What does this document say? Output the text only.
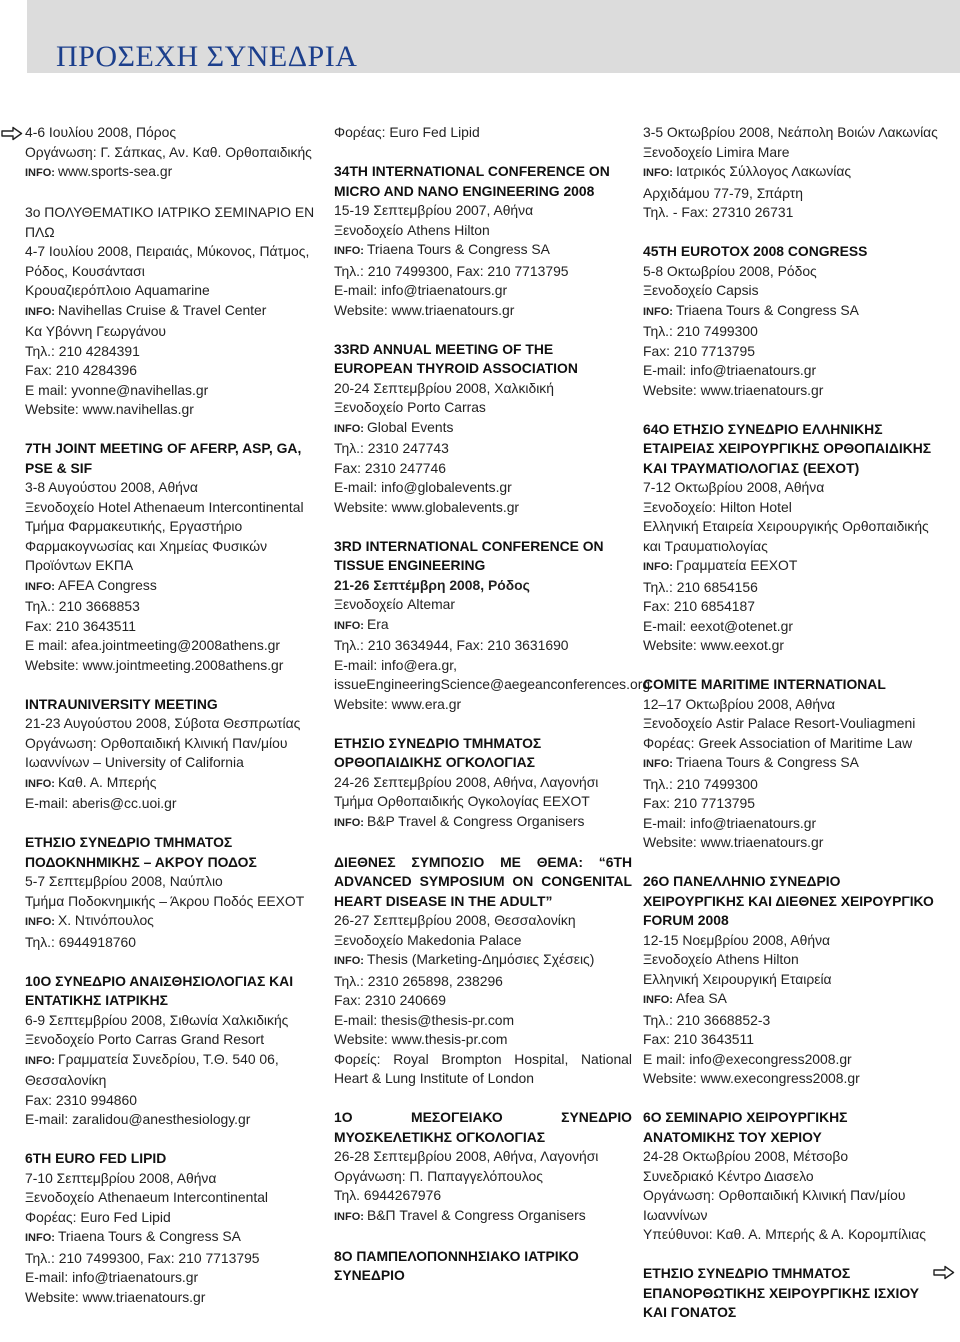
ΠΡΟΣΕΧΗ ΣΥΝΕΔΡΙΑ
4-6 Ιουλίου 2008, Πόρος
Οργάνωση: Γ. Σάπκας, Αν. Καθ. Ορθοπαιδικής
INFO: www.sports-sea.gr
3ο ΠΟΛΥΘΕΜΑΤΙΚΟ ΙΑΤΡΙΚΟ ΣΕΜΙΝΑΡΙΟ ΕΝ ΠΛΩ
4-7 Ιουλίου 2008, Πειραιάς, Μύκονος, Πάτμος, Ρόδος, Κουσάντασι
Κρουαζιερόπλοιο Aquamarine
INFO: Navihellas Cruise & Travel Center
Κα Υβόννη Γεωργάνου
Τηλ.: 210 4284391
Fax: 210 4284396
E mail: yvonne@navihellas.gr
Website: www.navihellas.gr
7TH JOINT MEETING OF AFERP, ASP, GA, PSE & SIF
3-8 Αυγούστου 2008, Αθήνα
Ξενοδοχείο Hotel Athenaeum Intercontinental
Τμήμα Φαρμακευτικής, Εργαστήριο Φαρμακογνωσίας και Χημείας Φυσικών Προϊόντων ΕΚΠΑ
INFO: AFEA Congress
Τηλ.: 210 3668853
Fax: 210 3643511
E mail: afea.jointmeeting@2008athens.gr
Website: www.jointmeeting.2008athens.gr
INTRAUNIVERSITY MEETING
21-23 Αυγούστου 2008, Σύβοτα Θεσπρωτίας
Οργάνωση: Ορθοπαιδική Κλινική Παν/μίου Ιωαννίνων – University of California
INFO: Καθ. Α. Μπερής
E-mail: aberis@cc.uoi.gr
ΕΤΗΣΙΟ ΣΥΝΕΔΡΙΟ ΤΜΗΜΑΤΟΣ ΠΟΔΟΚΝΗΜΙΚΗΣ – ΑΚΡΟΥ ΠΟΔΟΣ
5-7 Σεπτεμβρίου 2008, Ναύπλιο
Τμήμα Ποδοκνημικής – Άκρου Ποδός ΕΕΧΟΤ
INFO: Χ. Ντινόπουλος
Τηλ.: 6944918760
10Ο ΣΥΝΕΔΡΙΟ ΑΝΑΙΣΘΗΣΙΟΛΟΓΙΑΣ ΚΑΙ ΕΝΤΑΤΙΚΗΣ ΙΑΤΡΙΚΗΣ
6-9 Σεπτεμβρίου 2008, Σιθωνία Χαλκιδικής
Ξενοδοχείο Porto Carras Grand Resort
INFO: Γραμματεία Συνεδρίου, Τ.Θ. 540 06, Θεσσαλονίκη
Fax: 2310 994860
E-mail: zaralidou@anesthesiology.gr
6TH EURO FED LIPID
7-10 Σεπτεμβρίου 2008, Αθήνα
Ξενοδοχείο Athenaeum Intercontinental
Φορέας: Euro Fed Lipid
INFO: Triaena Tours & Congress SA
Τηλ.: 210 7499300, Fax: 210 7713795
E-mail: info@triaenatours.gr
Website: www.triaenatours.gr
Φορέας: Euro Fed Lipid
34TH INTERNATIONAL CONFERENCE ON MICRO AND NANO ENGINEERING 2008
15-19 Σεπτεμβρίου 2007, Αθήνα
Ξενοδοχείο Athens Hilton
INFO: Triaena Tours & Congress SA
Τηλ.: 210 7499300, Fax: 210 7713795
E-mail: info@triaenatours.gr
Website: www.triaenatours.gr
33RD ANNUAL MEETING OF THE EUROPEAN THYROID ASSOCIATION
20-24 Σεπτεμβρίου 2008, Χαλκιδική
Ξενοδοχείο Porto Carras
INFO: Global Events
Τηλ.: 2310 247743
Fax: 2310 247746
E-mail: info@globalevents.gr
Website: www.globalevents.gr
3RD INTERNATIONAL CONFERENCE ON TISSUE ENGINEERING
21-26 Σεπτέμβρη 2008, Ρόδος
Ξενοδοχείο Altemar
INFO: Era
Τηλ.: 210 3634944, Fax: 210 3631690
E-mail: info@era.gr, issueEngineeringScience@aegeanconferences.org
Website: www.era.gr
ΕΤΗΣΙΟ ΣΥΝΕΔΡΙΟ ΤΜΗΜΑΤΟΣ ΟΡΘΟΠΑΙΔΙΚΗΣ ΟΓΚΟΛΟΓΙΑΣ
24-26 Σεπτεμβρίου 2008, Αθήνα, Λαγονήσι
Τμήμα Ορθοπαιδικής Ογκολογίας ΕΕΧΟΤ
INFO: B&P Travel & Congress Organisers
ΔΙΕΘΝΕΣ ΣΥΜΠΟΣΙΟ ΜΕ ΘΕΜΑ: “6TH ADVANCED SYMPOSIUM ON CONGENITAL HEART DISEASE IN THE ADULT”
26-27 Σεπτεμβρίου 2008, Θεσσαλονίκη
Ξενοδοχείο Makedonia Palace
INFO: Thesis (Marketing-Δημόσιες Σχέσεις)
Τηλ.: 2310 265898, 238296
Fax: 2310 240669
E-mail: thesis@thesis-pr.com
Website: www.thesis-pr.com
Φορείς: Royal Brompton Hospital, National Heart & Lung Institute of London
1Ο ΜΕΣΟΓΕΙΑΚΟ ΣΥΝΕΔΡΙΟ ΜΥΟΣΚΕΛΕΤΙΚΗΣ ΟΓΚΟΛΟΓΙΑΣ
26-28 Σεπτεμβρίου 2008, Αθήνα, Λαγονήσι
Οργάνωση: Π. Παπαγγελόπουλος
Τηλ. 6944267976
INFO: B&Π Travel & Congress Organisers
8Ο ΠΑΜΠΕΛΟΠΟΝΝΗΣΙΑΚΟ ΙΑΤΡΙΚΟ ΣΥΝΕΔΡΙΟ
3-5 Οκτωβρίου 2008, Νεάπολη Βοιών Λακωνίας
Ξενοδοχείο Limira Mare
INFO: Ιατρικός Σύλλογος Λακωνίας
Αρχιδάμου 77-79, Σπάρτη
Τηλ. - Fax: 27310 26731
45TH EUROTOX 2008 CONGRESS
5-8 Οκτωβρίου 2008, Ρόδος
Ξενοδοχείο Capsis
INFO: Triaena Tours & Congress SA
Τηλ.: 210 7499300
Fax: 210 7713795
E-mail: info@triaenatours.gr
Website: www.triaenatours.gr
64Ο ΕΤΗΣΙΟ ΣΥΝΕΔΡΙΟ ΕΛΛΗΝΙΚΗΣ ΕΤΑΙΡΕΙΑΣ ΧΕΙΡΟΥΡΓΙΚΗΣ ΟΡΘΟΠΑΙΔΙΚΗΣ ΚΑΙ ΤΡΑΥΜΑΤΙΟΛΟΓΙΑΣ (ΕΕΧΟΤ)
7-12 Οκτωβρίου 2008, Αθήνα
Ξενοδοχείο: Hilton Hotel
Ελληνική Εταιρεία Χειρουργικής Ορθοπαιδικής και Τραυματιολογίας
INFO: Γραμματεία ΕΕΧΟΤ
Τηλ.: 210 6854156
Fax: 210 6854187
E-mail: eexot@otenet.gr
Website: www.eexot.gr
COMITE MARITIME INTERNATIONAL
12–17 Οκτωβρίου 2008, Αθήνα
Ξενοδοχείο Astir Palace Resort-Vouliagmeni
Φορέας: Greek Association of Maritime Law
INFO: Triaena Tours & Congress SA
Τηλ.: 210 7499300
Fax: 210 7713795
E-mail: info@triaenatours.gr
Website: www.triaenatours.gr
26Ο ΠΑΝΕΛΛΗΝΙΟ ΣΥΝΕΔΡΙΟ ΧΕΙΡΟΥΡΓΙΚΗΣ ΚΑΙ ΔΙΕΘΝΕΣ ΧΕΙΡΟΥΡΓΙΚΟ FORUM 2008
12-15 Νοεμβρίου 2008, Αθήνα
Ξενοδοχείο Athens Hilton
Ελληνική Χειρουργική Εταιρεία
INFO: Afea SA
Τηλ.: 210 3668852-3
Fax: 210 3643511
E mail: info@execongress2008.gr
Website: www.execongress2008.gr
6Ο ΣΕΜΙΝΑΡΙΟ ΧΕΙΡΟΥΡΓΙΚΗΣ ΑΝΑΤΟΜΙΚΗΣ ΤΟΥ ΧΕΡΙΟΥ
24-28 Οκτωβρίου 2008, Μέτσοβο
Συνεδριακό Κέντρο Διασελο
Οργάνωση: Ορθοπαιδική Κλινική Παν/μίου Ιωαννίνων
Υπεύθυνοι: Καθ. Α. Μπερής & Α. Κορομπίλιας
ΕΤΗΣΙΟ ΣΥΝΕΔΡΙΟ ΤΜΗΜΑΤΟΣ ΕΠΑΝΟΡΘΩΤΙΚΗΣ ΧΕΙΡΟΥΡΓΙΚΗΣ ΙΣΧΙΟΥ ΚΑΙ ΓΟΝΑΤΟΣ
